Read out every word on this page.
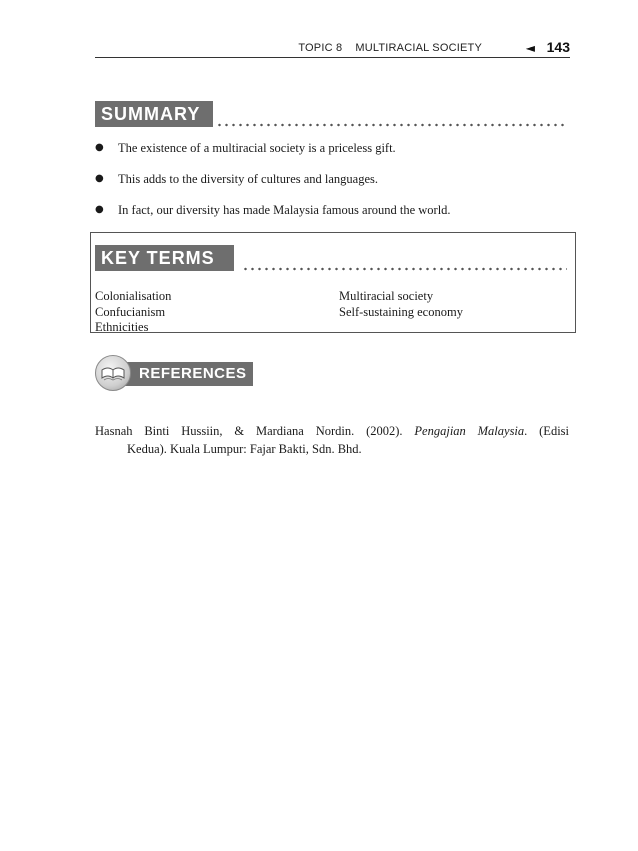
TOPIC 8 MULTIRACIAL SOCIETY	◄ 143
SUMMARY
● The existence of a multiracial society is a priceless gift.
● This adds to the diversity of cultures and languages.
● In fact, our diversity has made Malaysia famous around the world.
KEY TERMS
Colonialisation
Confucianism
Ethnicities
Multiracial society
Self-sustaining economy
REFERENCES
Hasnah Binti Hussiin, & Mardiana Nordin. (2002). Pengajian Malaysia. (Edisi
Kedua). Kuala Lumpur: Fajar Bakti, Sdn. Bhd.
